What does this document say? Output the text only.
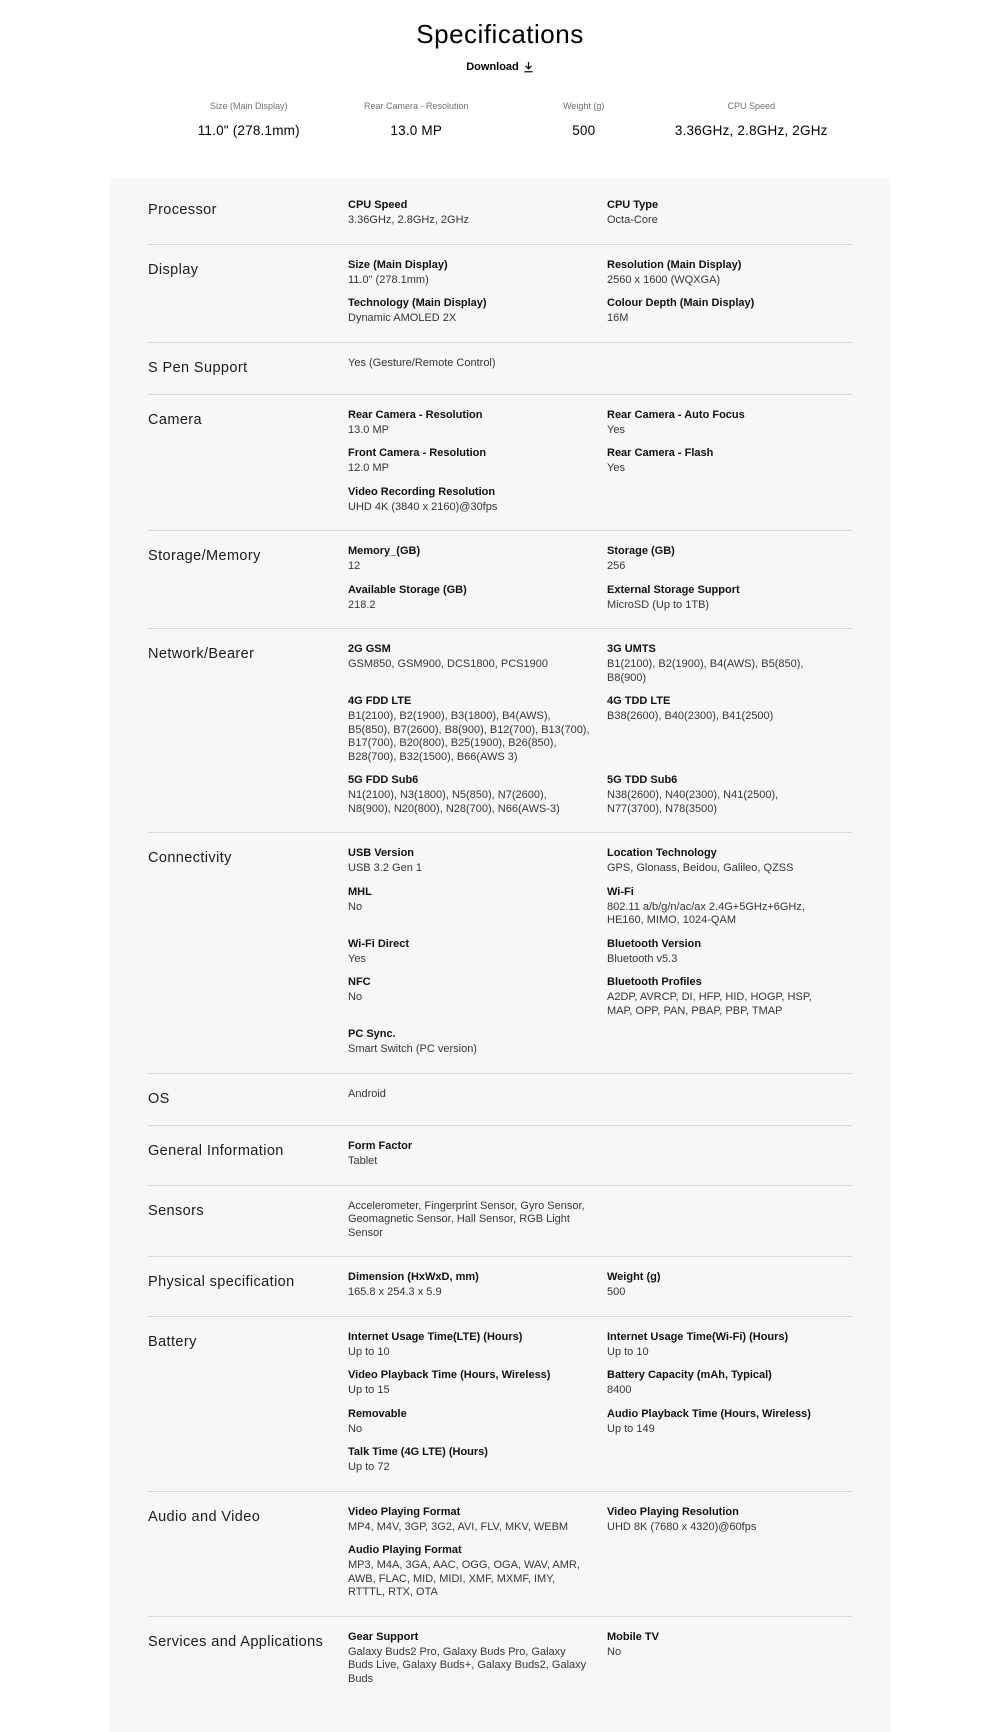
Specifications
Download
Size (Main Display)
11.0" (278.1mm)
Rear Camera - Resolution
13.0 MP
Weight (g)
500
CPU Speed
3.36GHz, 2.8GHz, 2GHz
Processor	CPU Speed
3.36GHz, 2.8GHz, 2GHz
CPU Type
Octa-Core
Display	Size (Main Display)
11.0" (278.1mm)
Resolution (Main Display)
2560 x 1600 (WQXGA)
Technology (Main Display)
Dynamic AMOLED 2X
Colour Depth (Main Display)
16M
S Pen Support	Yes (Gesture/Remote Control)
Camera	Rear Camera - Resolution
13.0 MP
Rear Camera - Auto Focus
Yes
Front Camera - Resolution
12.0 MP
Rear Camera - Flash
Yes
Video Recording Resolution
UHD 4K (3840 x 2160)@30fps
Storage/Memory	Memory_(GB)
12
Storage (GB)
256
Available Storage (GB)
218.2
External Storage Support
MicroSD (Up to 1TB)
Network/Bearer	2G GSM
GSM850, GSM900, DCS1800, PCS1900
3G UMTS
B1(2100), B2(1900), B4(AWS), B5(850), B8(900)
4G FDD LTE
B1(2100), B2(1900), B3(1800), B4(AWS), B5(850), B7(2600), B8(900), B12(700), B13(700), B17(700), B20(800), B25(1900), B26(850), B28(700), B32(1500), B66(AWS 3)
4G TDD LTE
B38(2600), B40(2300), B41(2500)
5G FDD Sub6
N1(2100), N3(1800), N5(850), N7(2600), N8(900), N20(800), N28(700), N66(AWS-3)
5G TDD Sub6
N38(2600), N40(2300), N41(2500), N77(3700), N78(3500)
Connectivity	USB Version
USB 3.2 Gen 1
Location Technology
GPS, Glonass, Beidou, Galileo, QZSS
MHL
No
Wi-Fi
802.11 a/b/g/n/ac/ax 2.4G+5GHz+6GHz, HE160, MIMO, 1024-QAM
Wi-Fi Direct
Yes
Bluetooth Version
Bluetooth v5.3
NFC
No
Bluetooth Profiles
A2DP, AVRCP, DI, HFP, HID, HOGP, HSP, MAP, OPP, PAN, PBAP, PBP, TMAP
PC Sync.
Smart Switch (PC version)
OS	Android
General Information	Form Factor
Tablet
Sensors	Accelerometer, Fingerprint Sensor, Gyro Sensor, Geomagnetic Sensor, Hall Sensor, RGB Light Sensor
Physical specification	Dimension (HxWxD, mm)
165.8 x 254.3 x 5.9
Weight (g)
500
Battery	Internet Usage Time(LTE) (Hours)
Up to 10
Internet Usage Time(Wi-Fi) (Hours)
Up to 10
Video Playback Time (Hours, Wireless)
Up to 15
Battery Capacity (mAh, Typical)
8400
Removable
No
Audio Playback Time (Hours, Wireless)
Up to 149
Talk Time (4G LTE) (Hours)
Up to 72
Audio and Video	Video Playing Format
MP4, M4V, 3GP, 3G2, AVI, FLV, MKV, WEBM
Video Playing Resolution
UHD 8K (7680 x 4320)@60fps
Audio Playing Format
MP3, M4A, 3GA, AAC, OGG, OGA, WAV, AMR, AWB, FLAC, MID, MIDI, XMF, MXMF, IMY, RTTTL, RTX, OTA
Services and Applications	Gear Support
Galaxy Buds2 Pro, Galaxy Buds Pro, Galaxy Buds Live, Galaxy Buds+, Galaxy Buds2, Galaxy Buds
Mobile TV
No
